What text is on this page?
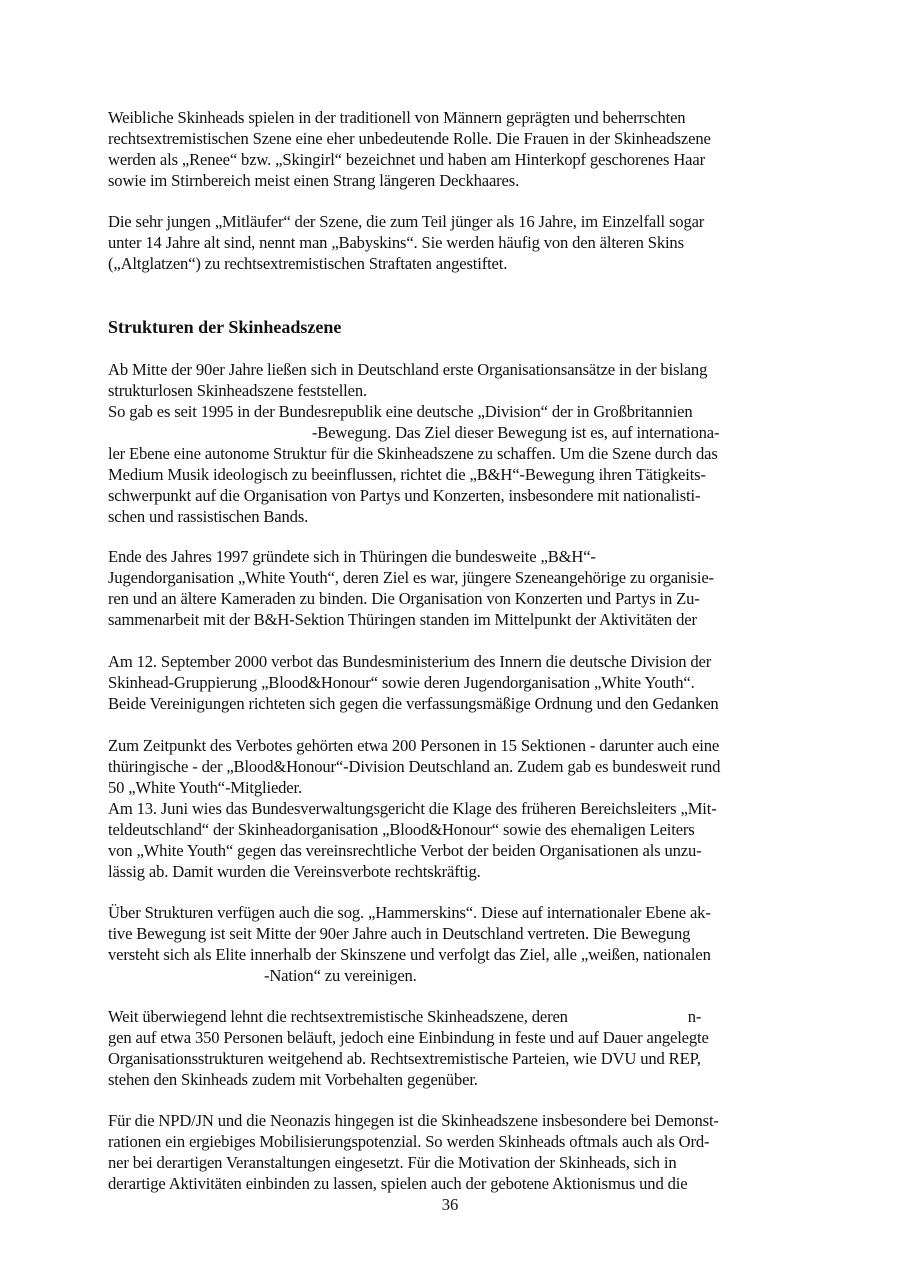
Weibliche Skinheads spielen in der traditionell von Männern geprägten und beherrschten
rechtsextremistischen Szene eine eher unbedeutende Rolle. Die Frauen in der Skinheadszene
werden als „Renee“ bzw. „Skingirl“ bezeichnet und haben am Hinterkopf geschorenes Haar
sowie im Stirnbereich meist einen Strang längeren Deckhaares.
Die sehr jungen „Mitläufer“ der Szene, die zum Teil jünger als 16 Jahre, im Einzelfall sogar
unter 14 Jahre alt sind, nennt man „Babyskins“. Sie werden häufig von den älteren Skins
(„Altglatzen“) zu rechtsextremistischen Straftaten angestiftet.
Strukturen der Skinheadszene
Ab Mitte der 90er Jahre ließen sich in Deutschland erste Organisationsansätze in der bislang
strukturlosen Skinheadszene feststellen.
So gab es seit 1995 in der Bundesrepublik eine deutsche „Division“ der in Großbritannien
-Bewegung. Das Ziel dieser Bewegung ist es, auf internationa-
ler Ebene eine autonome Struktur für die Skinheadszene zu schaffen. Um die Szene durch das
Medium Musik ideologisch zu beeinflussen, richtet die „B&H“-Bewegung ihren Tätigkeits-
schwerpunkt auf die Organisation von Partys und Konzerten, insbesondere mit nationalisti-
schen und rassistischen Bands.
Ende des Jahres 1997 gründete sich in Thüringen die bundesweite „B&H“-
Jugendorganisation „White Youth“, deren Ziel es war, jüngere Szeneangehörige zu organisie-
ren und an ältere Kameraden zu binden. Die Organisation von Konzerten und Partys in Zu-
sammenarbeit mit der B&H-Sektion Thüringen standen im Mittelpunkt der Aktivitäten der
Am 12. September 2000 verbot das Bundesministerium des Innern die deutsche Division der
Skinhead-Gruppierung „Blood&Honour“ sowie deren Jugendorganisation „White Youth“.
Beide Vereinigungen richteten sich gegen die verfassungsmäßige Ordnung und den Gedanken
Zum Zeitpunkt des Verbotes gehörten etwa 200 Personen in 15 Sektionen - darunter auch eine
thüringische - der „Blood&Honour“-Division Deutschland an. Zudem gab es bundesweit rund
50 „White Youth“-Mitglieder.
Am 13. Juni wies das Bundesverwaltungsgericht die Klage des früheren Bereichsleiters „Mit-
teldeutschland“ der Skinheadorganisation „Blood&Honour“ sowie des ehemaligen Leiters
von „White Youth“ gegen das vereinsrechtliche Verbot der beiden Organisationen als unzu-
lässig ab. Damit wurden die Vereinsverbote rechtskräftig.
Über Strukturen verfügen auch die sog. „Hammerskins“. Diese auf internationaler Ebene ak-
tive Bewegung ist seit Mitte der 90er Jahre auch in Deutschland vertreten. Die Bewegung
versteht sich als Elite innerhalb der Skinszene und verfolgt das Ziel, alle „weißen, nationalen
-Nation“ zu vereinigen.
Weit überwiegend lehnt die rechtsextremistische Skinheadszene, deren                              n-
gen auf etwa 350 Personen beläuft, jedoch eine Einbindung in feste und auf Dauer angelegte
Organisationsstrukturen weitgehend ab. Rechtsextremistische Parteien, wie DVU und REP,
stehen den Skinheads zudem mit Vorbehalten gegenüber.
Für die NPD/JN und die Neonazis hingegen ist die Skinheadszene insbesondere bei Demonst-
rationen ein ergiebiges Mobilisierungspotenzial. So werden Skinheads oftmals auch als Ord-
ner bei derartigen Veranstaltungen eingesetzt. Für die Motivation der Skinheads, sich in
derartige Aktivitäten einbinden zu lassen, spielen auch der gebotene Aktionismus und die
36
